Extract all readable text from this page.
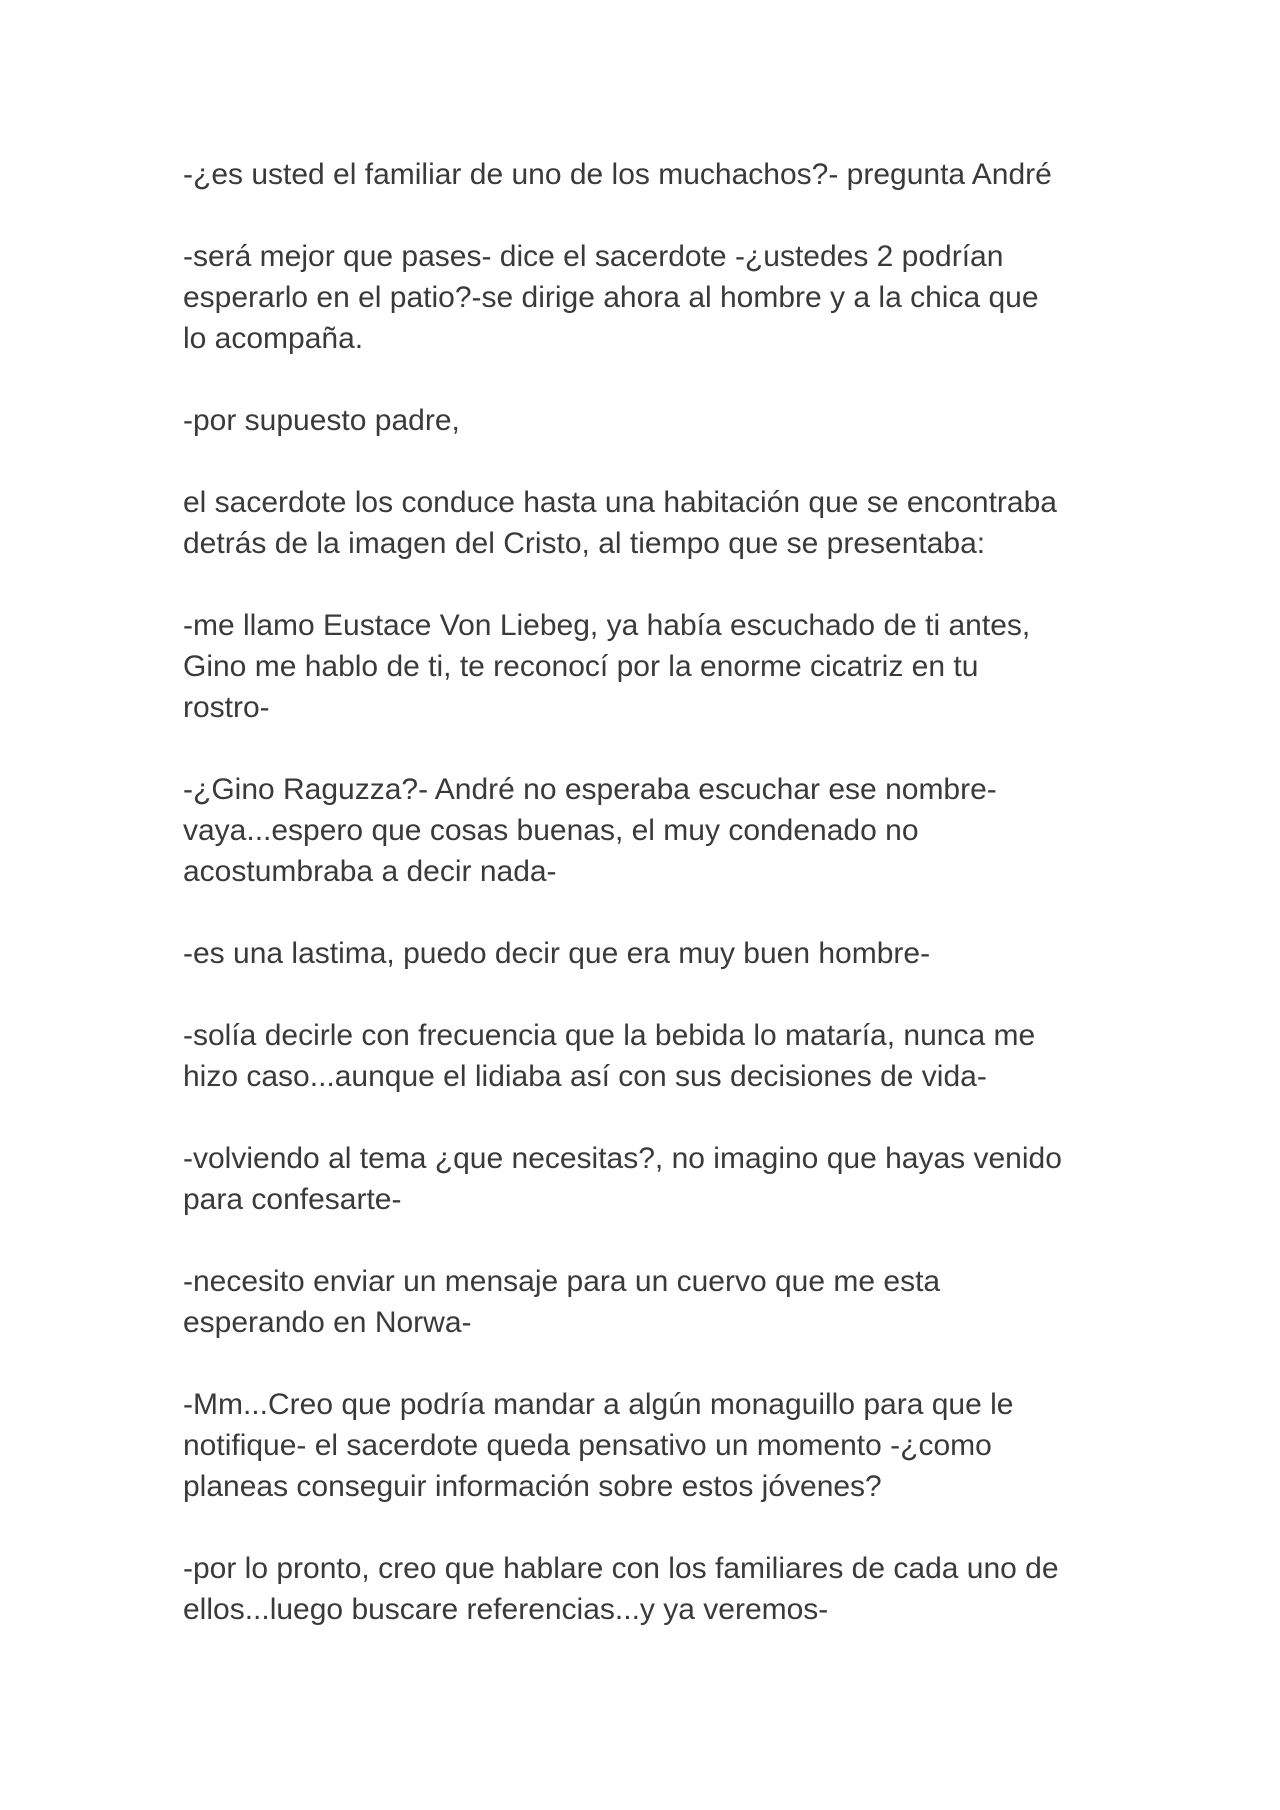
-¿es usted el familiar de uno de los muchachos?- pregunta André

-será mejor que pases- dice el sacerdote -¿ustedes 2 podrían
esperarlo en el patio?-se dirige ahora al hombre y a la chica que
lo acompaña.

-por supuesto padre,

el sacerdote los conduce hasta una habitación que se encontraba
detrás de la imagen del Cristo, al tiempo que se presentaba:

-me llamo Eustace Von Liebeg, ya había escuchado de ti antes,
Gino me hablo de ti, te reconocí por la enorme cicatriz en tu
rostro-

-¿Gino Raguzza?- André no esperaba escuchar ese nombre-
vaya...espero que cosas buenas, el muy condenado no
acostumbraba a decir nada-

-es una lastima, puedo decir que era muy buen hombre-

-solía decirle con frecuencia que la bebida lo mataría, nunca me
hizo caso...aunque el lidiaba así con sus decisiones de vida-

-volviendo al tema ¿que necesitas?, no imagino que hayas venido
para confesarte-

-necesito enviar un mensaje para un cuervo que me esta
esperando en Norwa-

-Mm...Creo que podría mandar a algún monaguillo para que le
notifique- el sacerdote queda pensativo un momento -¿como
planeas conseguir información sobre estos jóvenes?

-por lo pronto, creo que hablare con los familiares de cada uno de
ellos...luego buscare referencias...y ya veremos-
